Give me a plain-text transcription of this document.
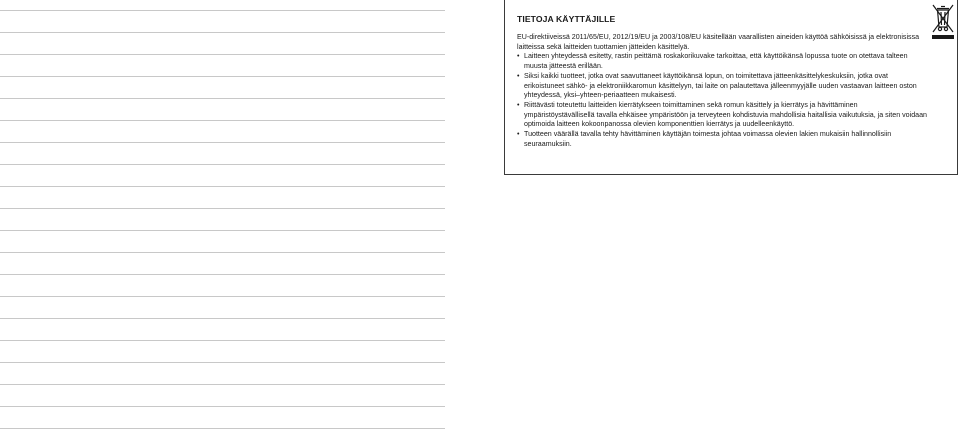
TIETOJA KÄYTTÄJILLE

EU-direktiiveissä 2011/65/EU, 2012/19/EU ja 2003/108/EU käsitellään vaarallisten aineiden käyttöä sähköisissä ja elektronisissa laitteissa sekä laitteiden tuottamien jätteiden käsittelyä.

• Laitteen yhteydessä esitetty, rastin peittämä roskakorikuvake tarkoittaa, että käyttöikänsä lopussa tuote on otettava talteen muusta jätteestä erillään.
• Siksi kaikki tuotteet, jotka ovat saavuttaneet käyttöikänsä lopun, on toimitettava jätteenkäsittelykeskuksiin, jotka ovat erikoistuneet sähkö- ja elektroniikkaromun käsittelyyn, tai laite on palautettava jälleenmyyjälle uuden vastaavan laitteen oston yhteydessä, yksi–yhteen-periaatteen mukaisesti.
• Riittävästi toteutettu laitteiden kierrätykseen toimittaminen sekä romun käsittely ja kierrätys ja hävittäminen ympäristöystävällisellä tavalla ehkäisee ympäristöön ja terveyteen kohdistuvia mahdollisia haitallisia vaikutuksia, ja siten voidaan optimoida laitteen kokoonpanossa olevien komponenttien kierrätys ja uudelleenkäyttö.
• Tuotteen väärällä tavalla tehty hävittäminen käyttäjän toimesta johtaa voimassa olevien lakien mukaisiin hallinnollisiin seuraamuksiin.
